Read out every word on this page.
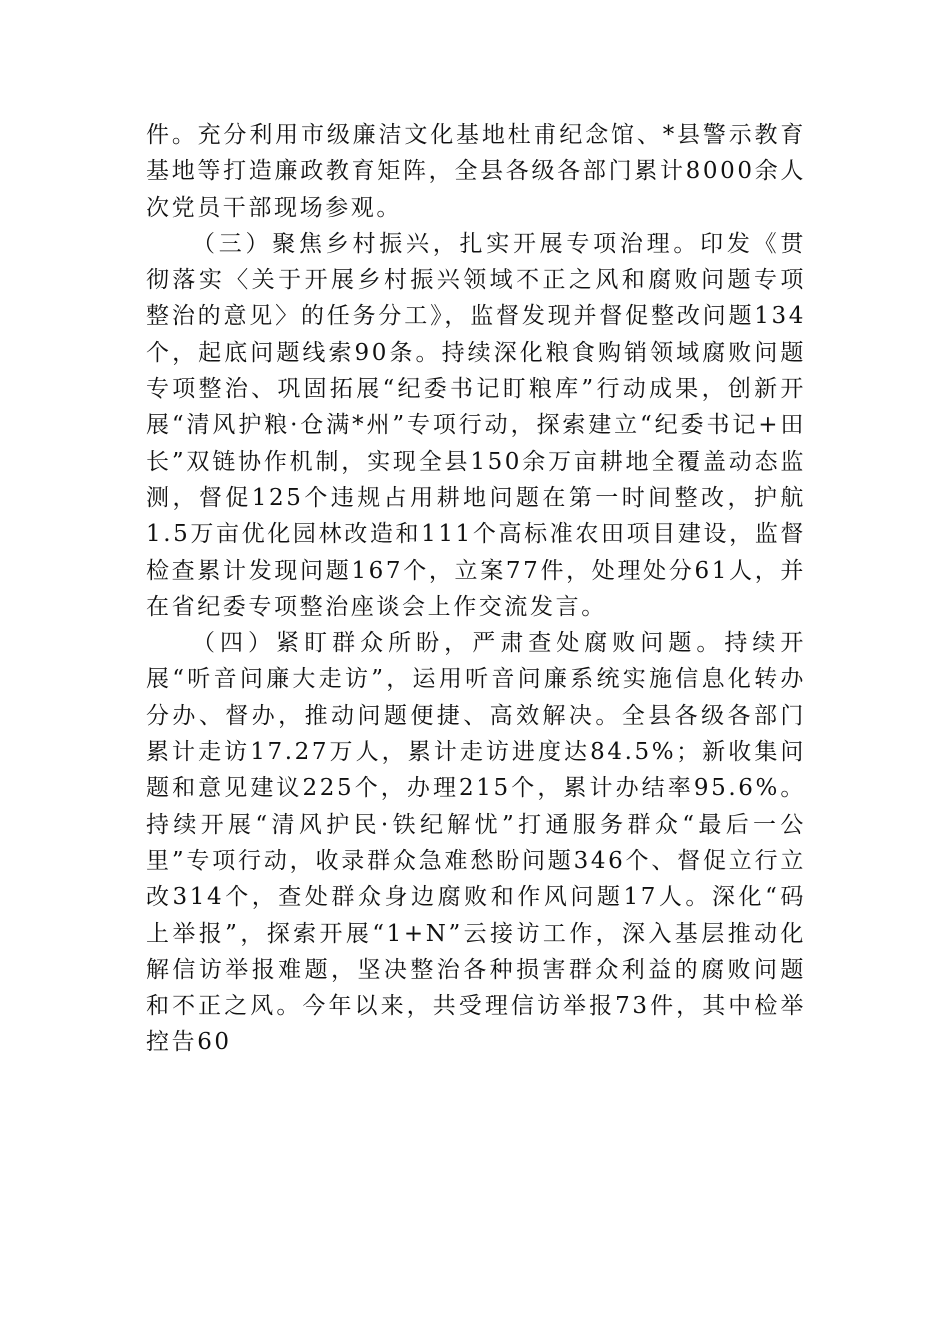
件。充分利用市级廉洁文化基地杜甫纪念馆、*县警示教育基地等打造廉政教育矩阵，全县各级各部门累计8000余人次党员干部现场参观。

（三）聚焦乡村振兴，扎实开展专项治理。印发《贯彻落实〈关于开展乡村振兴领域不正之风和腐败问题专项整治的意见〉的任务分工》，监督发现并督促整改问题134个，起底问题线索90条。持续深化粮食购销领域腐败问题专项整治、巩固拓展“纪委书记盯粮库”行动成果，创新开展“清风护粮·仓满*州”专项行动，探索建立“纪委书记+田长”双链协作机制，实现全县150余万亩耕地全覆盖动态监测，督促125个违规占用耕地问题在第一时间整改，护航1.5万亩优化园林改造和111个高标准农田项目建设，监督检查累计发现问题167个，立案77件，处理处分61人，并在省纪委专项整治座谈会上作交流发言。

（四）紧盯群众所盼，严肃查处腐败问题。持续开展“听音问廉大走访”，运用听音问廉系统实施信息化转办分办、督办，推动问题便捷、高效解决。全县各级各部门累计走访17.27万人，累计走访进度达84.5%；新收集问题和意见建议225个，办理215个，累计办结率95.6%。持续开展“清风护民·铁纪解忧”打通服务群众“最后一公里”专项行动，收录群众急难愁盼问题346个、督促立行立改314个，查处群众身边腐败和作风问题17人。深化“码上举报”，探索开展“1+N”云接访工作，深入基层推动化解信访举报难题，坚决整治各种损害群众利益的腐败问题和不正之风。今年以来，共受理信访举报73件，其中检举控告60
